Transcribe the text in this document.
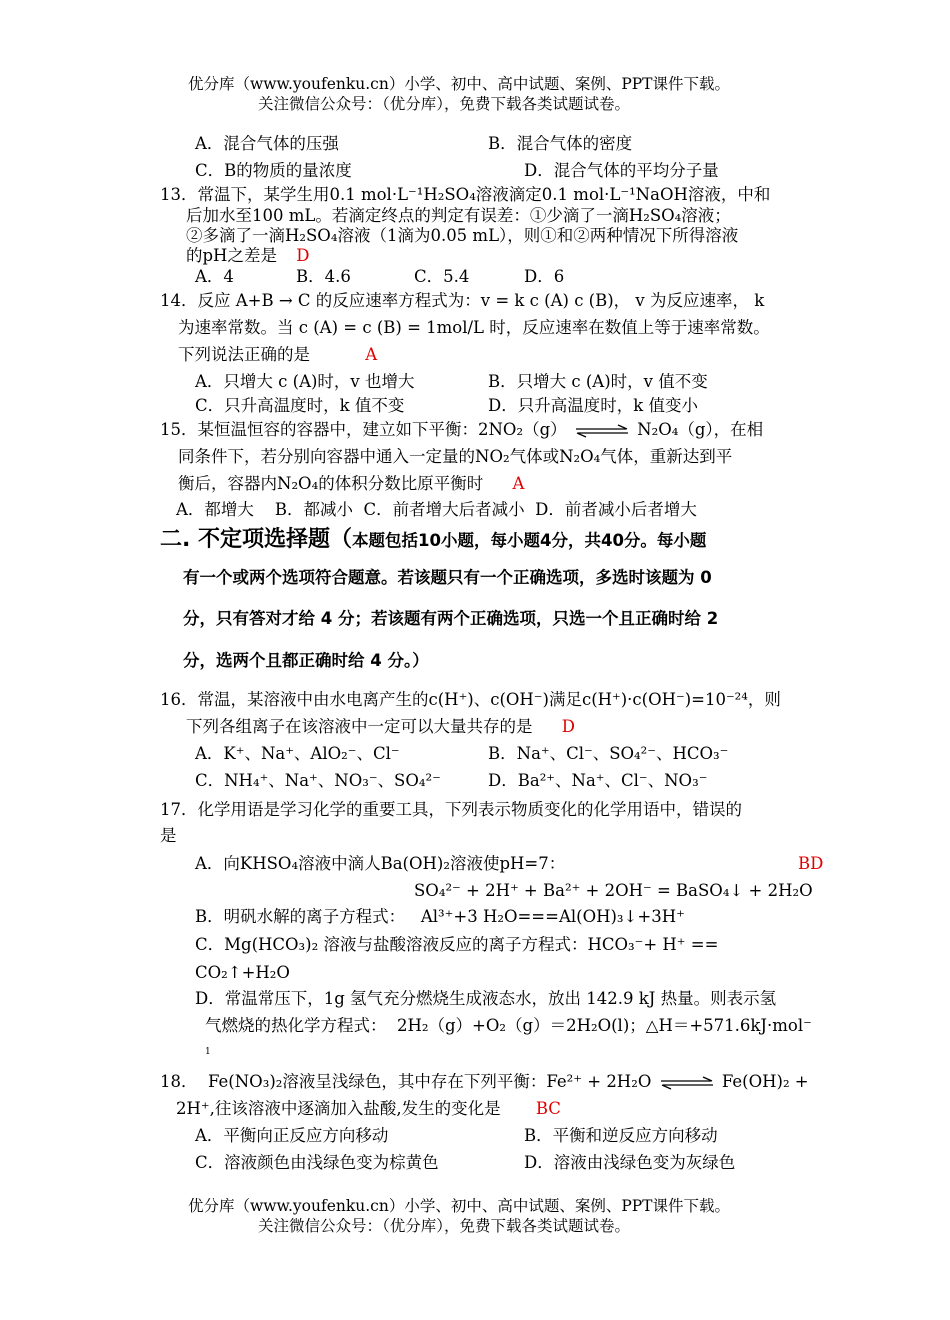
优分库（www.youfenku.cn）小学、初中、高中试题、案例、PPT课件下载。
关注微信公众号：（优分库），免费下载各类试题试卷。
A．混合气体的压强	B．混合气体的密度
C．B的物质的量浓度	D．混合气体的平均分子量
13．常温下，某学生用0.1 mol·L⁻¹H₂SO₄溶液滴定0.1 mol·L⁻¹NaOH溶液，中和
后加水至100 mL。若滴定终点的判定有误差：①少滴了一滴H₂SO₄溶液；
②多滴了一滴H₂SO₄溶液（1滴为0.05 mL），则①和②两种情况下所得溶液
的pH之差是 D
A．4	B．4.6	C．5.4	D．6
14．反应 A+B → C 的反应速率方程式为：v = k c (A) c (B)， v 为反应速率， k
为速率常数。当 c (A) = c (B) = 1mol/L 时，反应速率在数值上等于速率常数。
下列说法正确的是	A
A．只增大 c (A)时，v 也增大	B．只增大 c (A)时，v 值不变
C．只升高温度时，k 值不变	D．只升高温度时，k 值变小
15．某恒温恒容的容器中，建立如下平衡：2NO₂（g） ⇌ N₂O₄（g），在相
同条件下，若分别向容器中通入一定量的NO₂气体或N₂O₄气体，重新达到平
衡后，容器内N₂O₄的体积分数比原平衡时 A
A．都增大    B．都减小  C．前者增大后者减小  D．前者减小后者增大
二. 不定项选择题（本题包括10小题，每小题4分，共40分。每小题
有一个或两个选项符合题意。若该题只有一个正确选项，多选时该题为 0
分，只有答对才给 4 分；若该题有两个正确选项，只选一个且正确时给 2
分，选两个且都正确时给 4 分。）
16．常温，某溶液中由水电离产生的c(H⁺)、c(OH⁻)满足c(H⁺)·c(OH⁻)=10⁻²⁴，则
下列各组离子在该溶液中一定可以大量共存的是 D
A．K⁺、Na⁺、AlO₂⁻、Cl⁻	B．Na⁺、Cl⁻、SO₄²⁻、HCO₃⁻
C．NH₄⁺、Na⁺、NO₃⁻、SO₄²⁻	D．Ba²⁺、Na⁺、Cl⁻、NO₃⁻
17．化学用语是学习化学的重要工具，下列表示物质变化的化学用语中，错误的
是
A．向KHSO₄溶液中滴人Ba(OH)₂溶液使pH=7：	BD
SO₄²⁻ + 2H⁺ + Ba²⁺ + 2OH⁻ = BaSO₄↓ + 2H₂O
B．明矾水解的离子方程式：   Al³⁺+3 H₂O===Al(OH)₃↓+3H⁺
C．Mg(HCO₃)₂ 溶液与盐酸溶液反应的离子方程式：HCO₃⁻+ H⁺ ==
CO₂↑+H₂O
D．常温常压下，1g 氢气充分燃烧生成液态水，放出 142.9 kJ 热量。则表示氢
气燃烧的热化学方程式：  2H₂（g）+O₂（g）＝2H₂O(l)；△H＝+571.6kJ·mol⁻
1
18．  Fe(NO₃)₂溶液呈浅绿色，其中存在下列平衡：Fe²⁺ + 2H₂O ⇌ Fe(OH)₂ +
2H⁺,往该溶液中逐滴加入盐酸,发生的变化是 BC
A．平衡向正反应方向移动	B．平衡和逆反应方向移动
C．溶液颜色由浅绿色变为棕黄色	D．溶液由浅绿色变为灰绿色
优分库（www.youfenku.cn）小学、初中、高中试题、案例、PPT课件下载。
关注微信公众号：（优分库），免费下载各类试题试卷。
